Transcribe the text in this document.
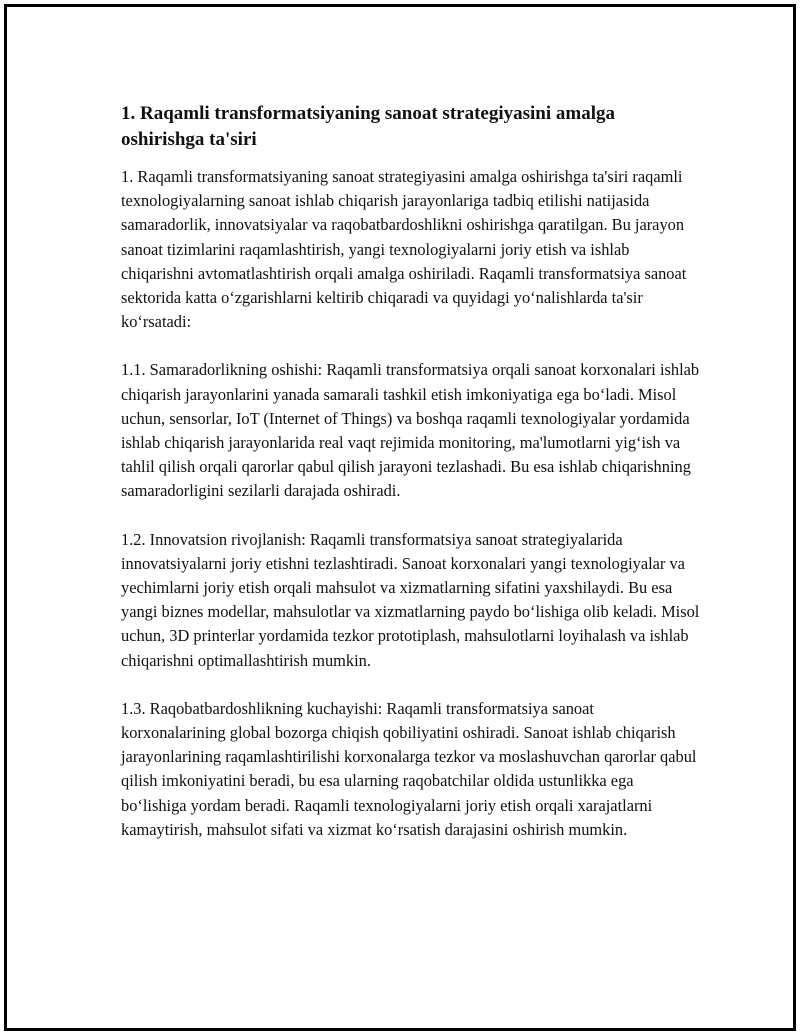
1. Raqamli transformatsiyaning sanoat strategiyasini amalga oshirishga ta'siri

1. Raqamli transformatsiyaning sanoat strategiyasini amalga oshirishga ta'siri raqamli texnologiyalarning sanoat ishlab chiqarish jarayonlariga tadbiq etilishi natijasida samaradorlik, innovatsiyalar va raqobatbardoshlikni oshirishga qaratilgan. Bu jarayon sanoat tizimlarini raqamlashtirish, yangi texnologiyalarni joriy etish va ishlab chiqarishni avtomatlashtirish orqali amalga oshiriladi. Raqamli transformatsiya sanoat sektorida katta oʻzgarishlarni keltirib chiqaradi va quyidagi yoʻnalishlarda ta'sir koʻrsatadi:

1.1. Samaradorlikning oshishi: Raqamli transformatsiya orqali sanoat korxonalari ishlab chiqarish jarayonlarini yanada samarali tashkil etish imkoniyatiga ega boʻladi. Misol uchun, sensorlar, IoT (Internet of Things) va boshqa raqamli texnologiyalar yordamida ishlab chiqarish jarayonlarida real vaqt rejimida monitoring, ma'lumotlarni yigʻish va tahlil qilish orqali qarorlar qabul qilish jarayoni tezlashadi. Bu esa ishlab chiqarishning samaradorligini sezilarli darajada oshiradi.

1.2. Innovatsion rivojlanish: Raqamli transformatsiya sanoat strategiyalarida innovatsiyalarni joriy etishni tezlashtiradi. Sanoat korxonalari yangi texnologiyalar va yechimlarni joriy etish orqali mahsulot va xizmatlarning sifatini yaxshilaydi. Bu esa yangi biznes modellar, mahsulotlar va xizmatlarning paydo boʻlishiga olib keladi. Misol uchun, 3D printerlar yordamida tezkor prototiplash, mahsulotlarni loyihalash va ishlab chiqarishni optimallashtirish mumkin.

1.3. Raqobatbardoshlikning kuchayishi: Raqamli transformatsiya sanoat korxonalarining global bozorga chiqish qobiliyatini oshiradi. Sanoat ishlab chiqarish jarayonlarining raqamlashtirilishi korxonalarga tezkor va moslashuvchan qarorlar qabul qilish imkoniyatini beradi, bu esa ularning raqobatchilar oldida ustunlikka ega boʻlishiga yordam beradi. Raqamli texnologiyalarni joriy etish orqali xarajatlarni kamaytirish, mahsulot sifati va xizmat koʻrsatish darajasini oshirish mumkin.
